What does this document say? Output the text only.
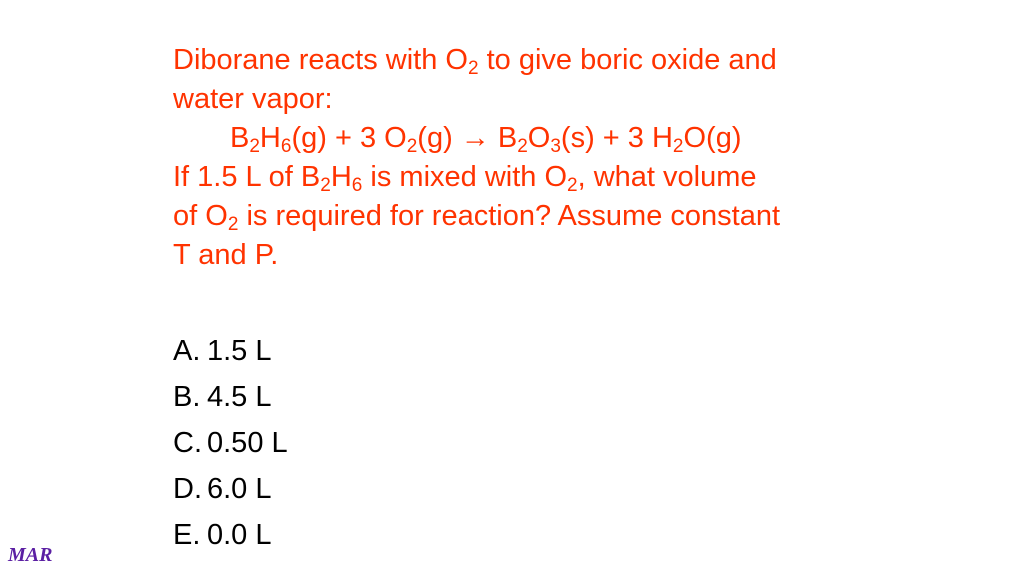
Diborane reacts with $O_2$ to give boric oxide and
water vapor:
$B_2H_6(g) + 3$ $O_2(g) \to B_2O_3(s) + 3$ $H_2O(g)$
If 1.5 L of $B_2H_6$ is mixed with $O_2$, what volume
of $O_2$ is required for reaction? Assume constant
T and P.
A. 1.5 L
B. 4.5 L
C. 0.50 L
D. 6.0 L
E. 0.0 L
MAR
